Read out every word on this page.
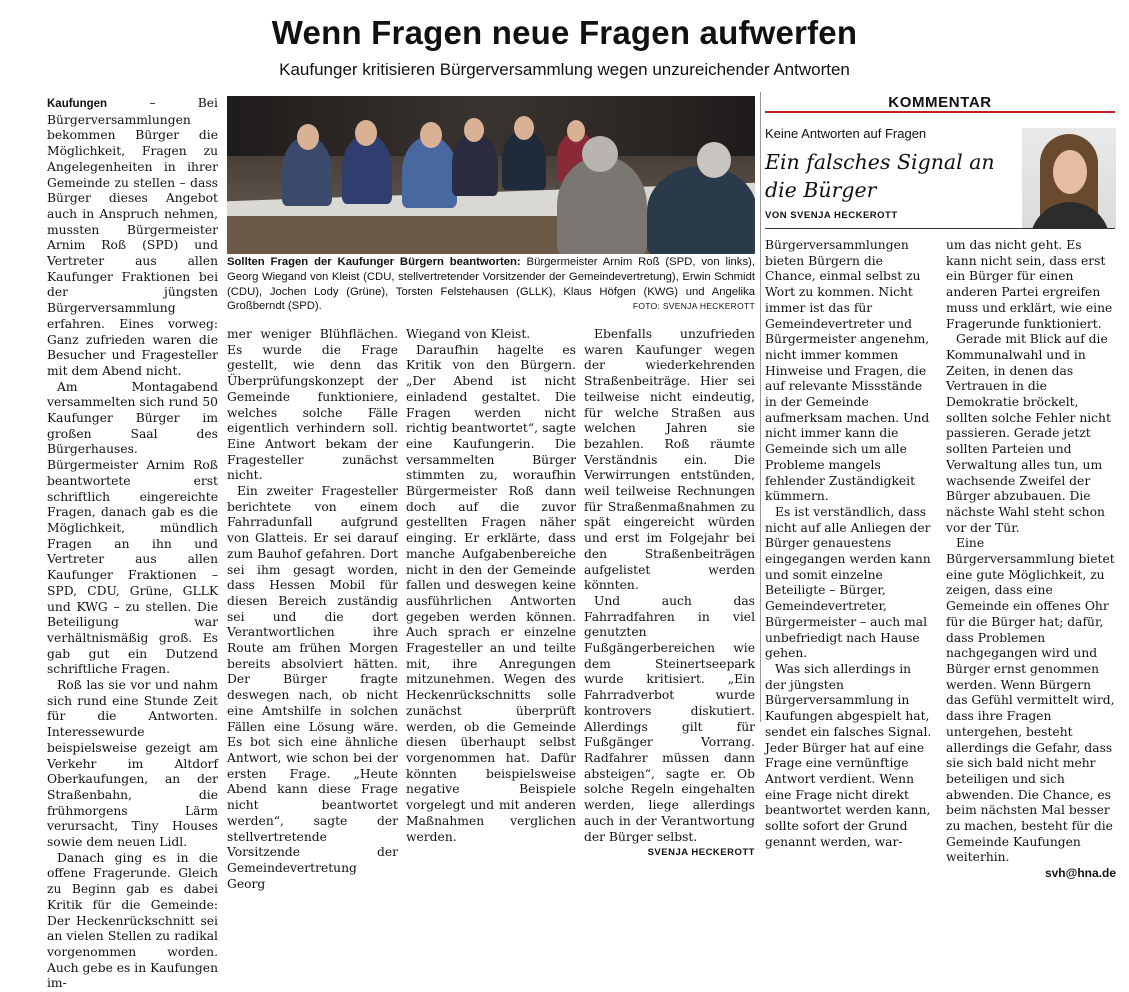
Wenn Fragen neue Fragen aufwerfen
Kaufunger kritisieren Bürgerversammlung wegen unzureichender Antworten

Kaufungen	– Bei Bürgerversammlungen bekommen Bürger die Möglichkeit, Fragen zu Angelegenheiten in ihrer Gemeinde zu stellen – dass Bürger dieses Angebot auch in Anspruch nehmen, mussten Bürgermeister Arnim Roß (SPD) und Vertreter aus allen Kaufunger Fraktionen bei der jüngsten Bürgerversammlung erfahren. Eines vorweg: Ganz zufrieden waren die Besucher und Fragesteller mit dem Abend nicht.

Am Montagabend versammelten sich rund 50 Kaufunger Bürger im großen Saal des Bürgerhauses. Bürgermeister Arnim Roß beantwortete erst schriftlich eingereichte Fragen, danach gab es die Möglichkeit, mündlich Fragen an ihn und Vertreter aus allen Kaufunger Fraktionen – SPD, CDU, Grüne, GLLK und KWG – zu stellen. Die Beteiligung war verhältnismäßig groß. Es gab gut ein Dutzend schriftliche Fragen.

Roß las sie vor und nahm sich rund eine Stunde Zeit für die Antworten. Interessewurde beispielsweise gezeigt am Verkehr im Altdorf Oberkaufungen, an der Straßenbahn, die frühmorgens Lärm verursacht, Tiny Houses sowie dem neuen Lidl.

Danach ging es in die offene Fragerunde. Gleich zu Beginn gab es dabei Kritik für die Gemeinde: Der Heckenrückschnitt sei an vielen Stellen zu radikal vorgenommen worden. Auch gebe es in Kaufungen im-

Sollten Fragen der Kaufunger Bürgern beantworten: Bürgermeister Arnim Roß (SPD, von links), Georg Wiegand von Kleist (CDU, stellvertretender Vorsitzender der Gemeindevertretung), Erwin Schmidt (CDU), Jochen Lody (Grüne), Torsten Felstehausen (GLLK), Klaus Höfgen (KWG) und Angelika Großberndt (SPD).	FOTO: SVENJA HECKEROTT

mer weniger Blühflächen. Es wurde die Frage gestellt, wie denn das Überprüfungskonzept der Gemeinde funktioniere, welches solche Fälle eigentlich verhindern soll. Eine Antwort bekam der Fragesteller zunächst nicht.

Ein zweiter Fragesteller berichtete von einem Fahrradunfall aufgrund von Glatteis. Er sei darauf zum Bauhof gefahren. Dort sei ihm gesagt worden, dass Hessen Mobil für diesen Bereich zuständig sei und die dort Verantwortlichen ihre Route am frühen Morgen bereits absolviert hätten. Der Bürger fragte deswegen nach, ob nicht eine Amtshilfe in solchen Fällen eine Lösung wäre. Es bot sich eine ähnliche Antwort, wie schon bei der ersten Frage. „Heute Abend kann diese Frage nicht beantwortet werden“, sagte der stellvertretende Vorsitzende der Gemeindevertretung Georg

Wiegand von Kleist.

Daraufhin hagelte es Kritik von den Bürgern. „Der Abend ist nicht einladend gestaltet. Die Fragen werden nicht richtig beantwortet“, sagte eine Kaufungerin. Die versammelten Bürger stimmten zu, woraufhin Bürgermeister Roß dann doch auf die zuvor gestellten Fragen näher einging. Er erklärte, dass manche Aufgabenbereiche nicht in den der Gemeinde fallen und deswegen keine ausführlichen Antworten gegeben werden können. Auch sprach er einzelne Fragesteller an und teilte mit, ihre Anregungen mitzunehmen. Wegen des Heckenrückschnitts solle zunächst überprüft werden, ob die Gemeinde diesen überhaupt selbst vorgenommen hat. Dafür könnten beispielsweise negative Beispiele vorgelegt und mit anderen Maßnahmen verglichen werden.

Ebenfalls unzufrieden waren Kaufunger wegen der wiederkehrenden Straßenbeiträge. Hier sei teilweise nicht eindeutig, für welche Straßen aus welchen Jahren sie bezahlen. Roß räumte Verständnis ein. Die Verwirrungen entstünden, weil teilweise Rechnungen für Straßenmaßnahmen zu spät eingereicht würden und erst im Folgejahr bei den Straßenbeiträgen aufgelistet werden könnten.

Und auch das Fahrradfahren in viel genutzten Fußgängerbereichen wie dem Steinertseepark wurde kritisiert. „Ein Fahrradverbot wurde kontrovers diskutiert. Allerdings gilt für Fußgänger Vorrang. Radfahrer müssen dann absteigen“, sagte er. Ob solche Regeln eingehalten werden, liege allerdings auch in der Verantwortung der Bürger selbst.

SVENJA HECKEROTT
KOMMENTAR
Keine Antworten auf Fragen
Ein falsches Signal an die Bürger
VON SVENJA HECKEROTT

Bürgerversammlungen bieten Bürgern die Chance, einmal selbst zu Wort zu kommen. Nicht immer ist das für Gemeindevertreter und Bürgermeister angenehm, nicht immer kommen Hinweise und Fragen, die auf relevante Missstände in der Gemeinde aufmerksam machen. Und nicht immer kann die Gemeinde sich um alle Probleme mangels fehlender Zuständigkeit kümmern.

Es ist verständlich, dass nicht auf alle Anliegen der Bürger genauestens eingegangen werden kann und somit einzelne Beteiligte – Bürger, Gemeindevertreter, Bürgermeister – auch mal unbefriedigt nach Hause gehen.

Was sich allerdings in der jüngsten Bürgerversammlung in Kaufungen abgespielt hat, sendet ein falsches Signal. Jeder Bürger hat auf eine Frage eine vernünftige Antwort verdient. Wenn eine Frage nicht direkt beantwortet werden kann, sollte sofort der Grund genannt werden, war-

um das nicht geht. Es kann nicht sein, dass erst ein Bürger für einen anderen Partei ergreifen muss und erklärt, wie eine Fragerunde funktioniert.

Gerade mit Blick auf die Kommunalwahl und in Zeiten, in denen das Vertrauen in die Demokratie bröckelt, sollten solche Fehler nicht passieren. Gerade jetzt sollten Parteien und Verwaltung alles tun, um wachsende Zweifel der Bürger abzubauen. Die nächste Wahl steht schon vor der Tür.

Eine Bürgerversammlung bietet eine gute Möglichkeit, zu zeigen, dass eine Gemeinde ein offenes Ohr für die Bürger hat; dafür, dass Problemen nachgegangen wird und Bürger ernst genommen werden. Wenn Bürgern das Gefühl vermittelt wird, dass ihre Fragen untergehen, besteht allerdings die Gefahr, dass sie sich bald nicht mehr beteiligen und sich abwenden. Die Chance, es beim nächsten Mal besser zu machen, besteht für die Gemeinde Kaufungen weiterhin.

svh@hna.de
